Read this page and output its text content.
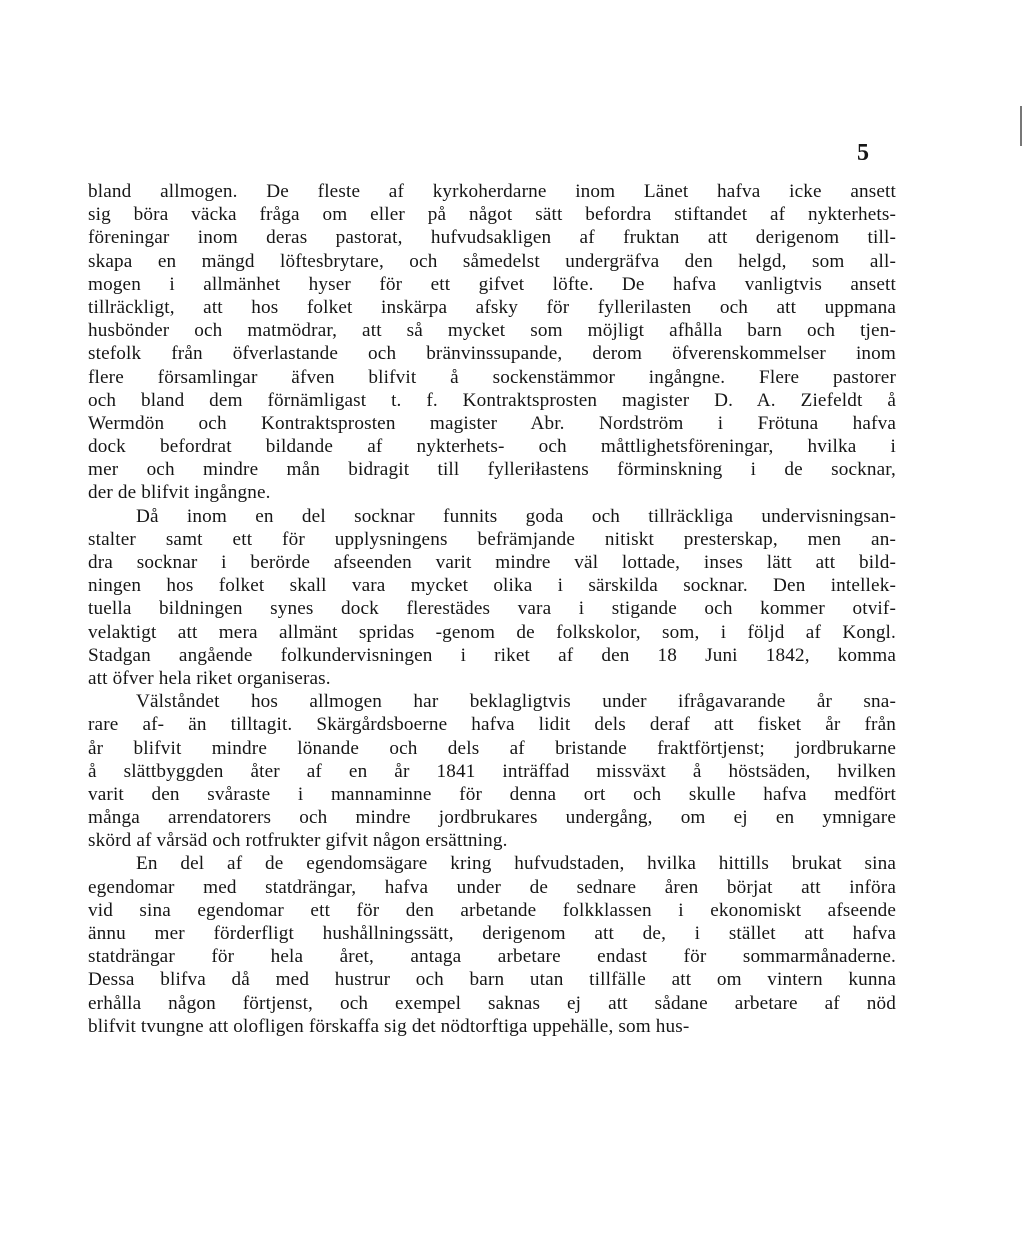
5
bland allmogen. De fleste af kyrkoherdarne inom Länet hafva icke ansett
sig böra väcka fråga om eller på något sätt befordra stiftandet af nykterhets-
föreningar inom deras pastorat, hufvudsakligen af fruktan att derigenom till-
skapa en mängd löftesbrytare, och såmedelst undergräfva den helgd, som all-
mogen i allmänhet hyser för ett gifvet löfte. De hafva vanligtvis ansett
tillräckligt, att hos folket inskärpa afsky för fyllerilasten och att uppmana
husbönder och matmödrar, att så mycket som möjligt afhålla barn och tjen-
stefolk från öfverlastande och bränvinssupande, derom öfverenskommelser inom
flere församlingar äfven blifvit å sockenstämmor ingångne. Flere pastorer
och bland dem förnämligast t. f. Kontraktsprosten magister D. A. Ziefeldt å
Wermdön och Kontraktsprosten magister Abr. Nordström i Frötuna hafva
dock befordrat bildande af nykterhets- och måttlighetsföreningar, hvilka i
mer och mindre mån bidragit till fylleriłastens förminskning i de socknar,
der de blifvit ingångne.
Då inom en del socknar funnits goda och tillräckliga undervisningsan-
stalter samt ett för upplysningens befrämjande nitiskt presterskap, men an-
dra socknar i berörde afseenden varit mindre väl lottade, inses lätt att bild-
ningen hos folket skall vara mycket olika i särskilda socknar. Den intellek-
tuella bildningen synes dock flerestädes vara i stigande och kommer otvif-
velaktigt att mera allmänt spridas -genom de folkskolor, som, i följd af Kongl.
Stadgan angående folkundervisningen i riket af den 18 Juni 1842, komma
att öfver hela riket organiseras.
Välståndet hos allmogen har beklagligtvis under ifrågavarande år sna-
rare af- än tilltagit. Skärgårdsboerne hafva lidit dels deraf att fisket år från
år blifvit mindre lönande och dels af bristande fraktförtjenst; jordbrukarne
å slättbyggden åter af en år 1841 inträffad missväxt å höstsäden, hvilken
varit den svåraste i mannaminne för denna ort och skulle hafva medfört
många arrendatorers och mindre jordbrukares undergång, om ej en ymnigare
skörd af vårsäd och rotfrukter gifvit någon ersättning.
En del af de egendomsägare kring hufvudstaden, hvilka hittills brukat sina
egendomar med statdrängar, hafva under de sednare åren börjat att införa
vid sina egendomar ett för den arbetande folkklassen i ekonomiskt afseende
ännu mer förderfligt hushållningssätt, derigenom att de, i stället att hafva
statdrängar för hela året, antaga arbetare endast för sommarmånaderne.
Dessa blifva då med hustrur och barn utan tillfälle att om vintern kunna
erhålla någon förtjenst, och exempel saknas ej att sådane arbetare af nöd
blifvit tvungne att olofligen förskaffa sig det nödtorftiga uppehälle, som hus-
